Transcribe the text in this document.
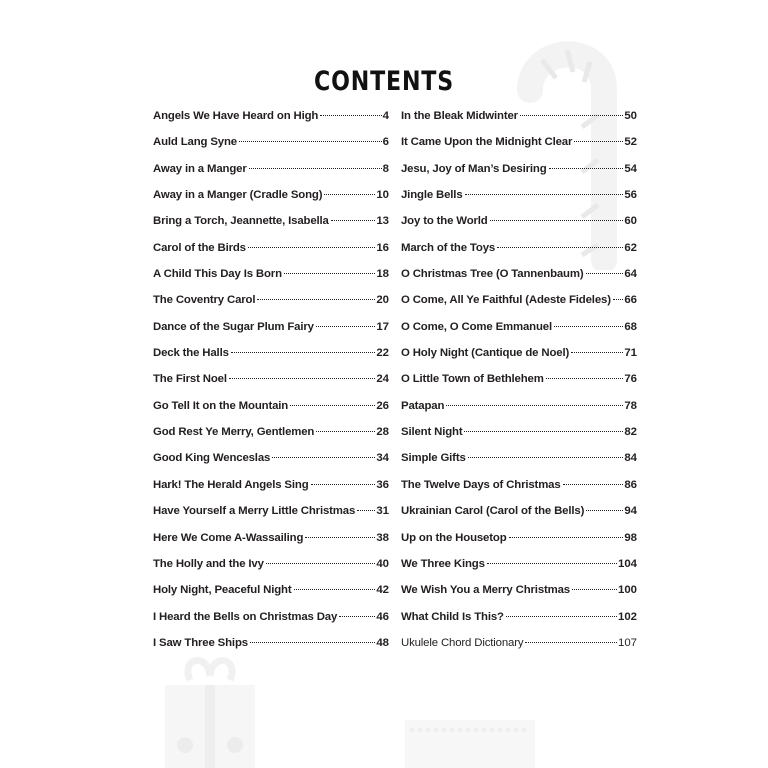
CONTENTS
Angels We Have Heard on High	4
Auld Lang Syne	6
Away in a Manger	8
Away in a Manger (Cradle Song)	10
Bring a Torch, Jeannette, Isabella	13
Carol of the Birds	16
A Child This Day Is Born	18
The Coventry Carol	20
Dance of the Sugar Plum Fairy	17
Deck the Halls	22
The First Noel	24
Go Tell It on the Mountain	26
God Rest Ye Merry, Gentlemen	28
Good King Wenceslas	34
Hark! The Herald Angels Sing	36
Have Yourself a Merry Little Christmas 31
Here We Come A-Wassailing	38
The Holly and the Ivy	40
Holy Night, Peaceful Night	42
I Heard the Bells on Christmas Day	46
I Saw Three Ships	48
In the Bleak Midwinter	50
It Came Upon the Midnight Clear	52
Jesu, Joy of Man’s Desiring	54
Jingle Bells	56
Joy to the World	60
March of the Toys	62
O Christmas Tree (O Tannenbaum)	64
O Come, All Ye Faithful (Adeste Fideles) 66
O Come, O Come Emmanuel	68
O Holy Night (Cantique de Noel)	71
O Little Town of Bethlehem	76
Patapan	78
Silent Night	82
Simple Gifts	84
The Twelve Days of Christmas	86
Ukrainian Carol (Carol of the Bells)	94
Up on the Housetop	98
We Three Kings	104
We Wish You a Merry Christmas	100
What Child Is This?	102
Ukulele Chord Dictionary	107
